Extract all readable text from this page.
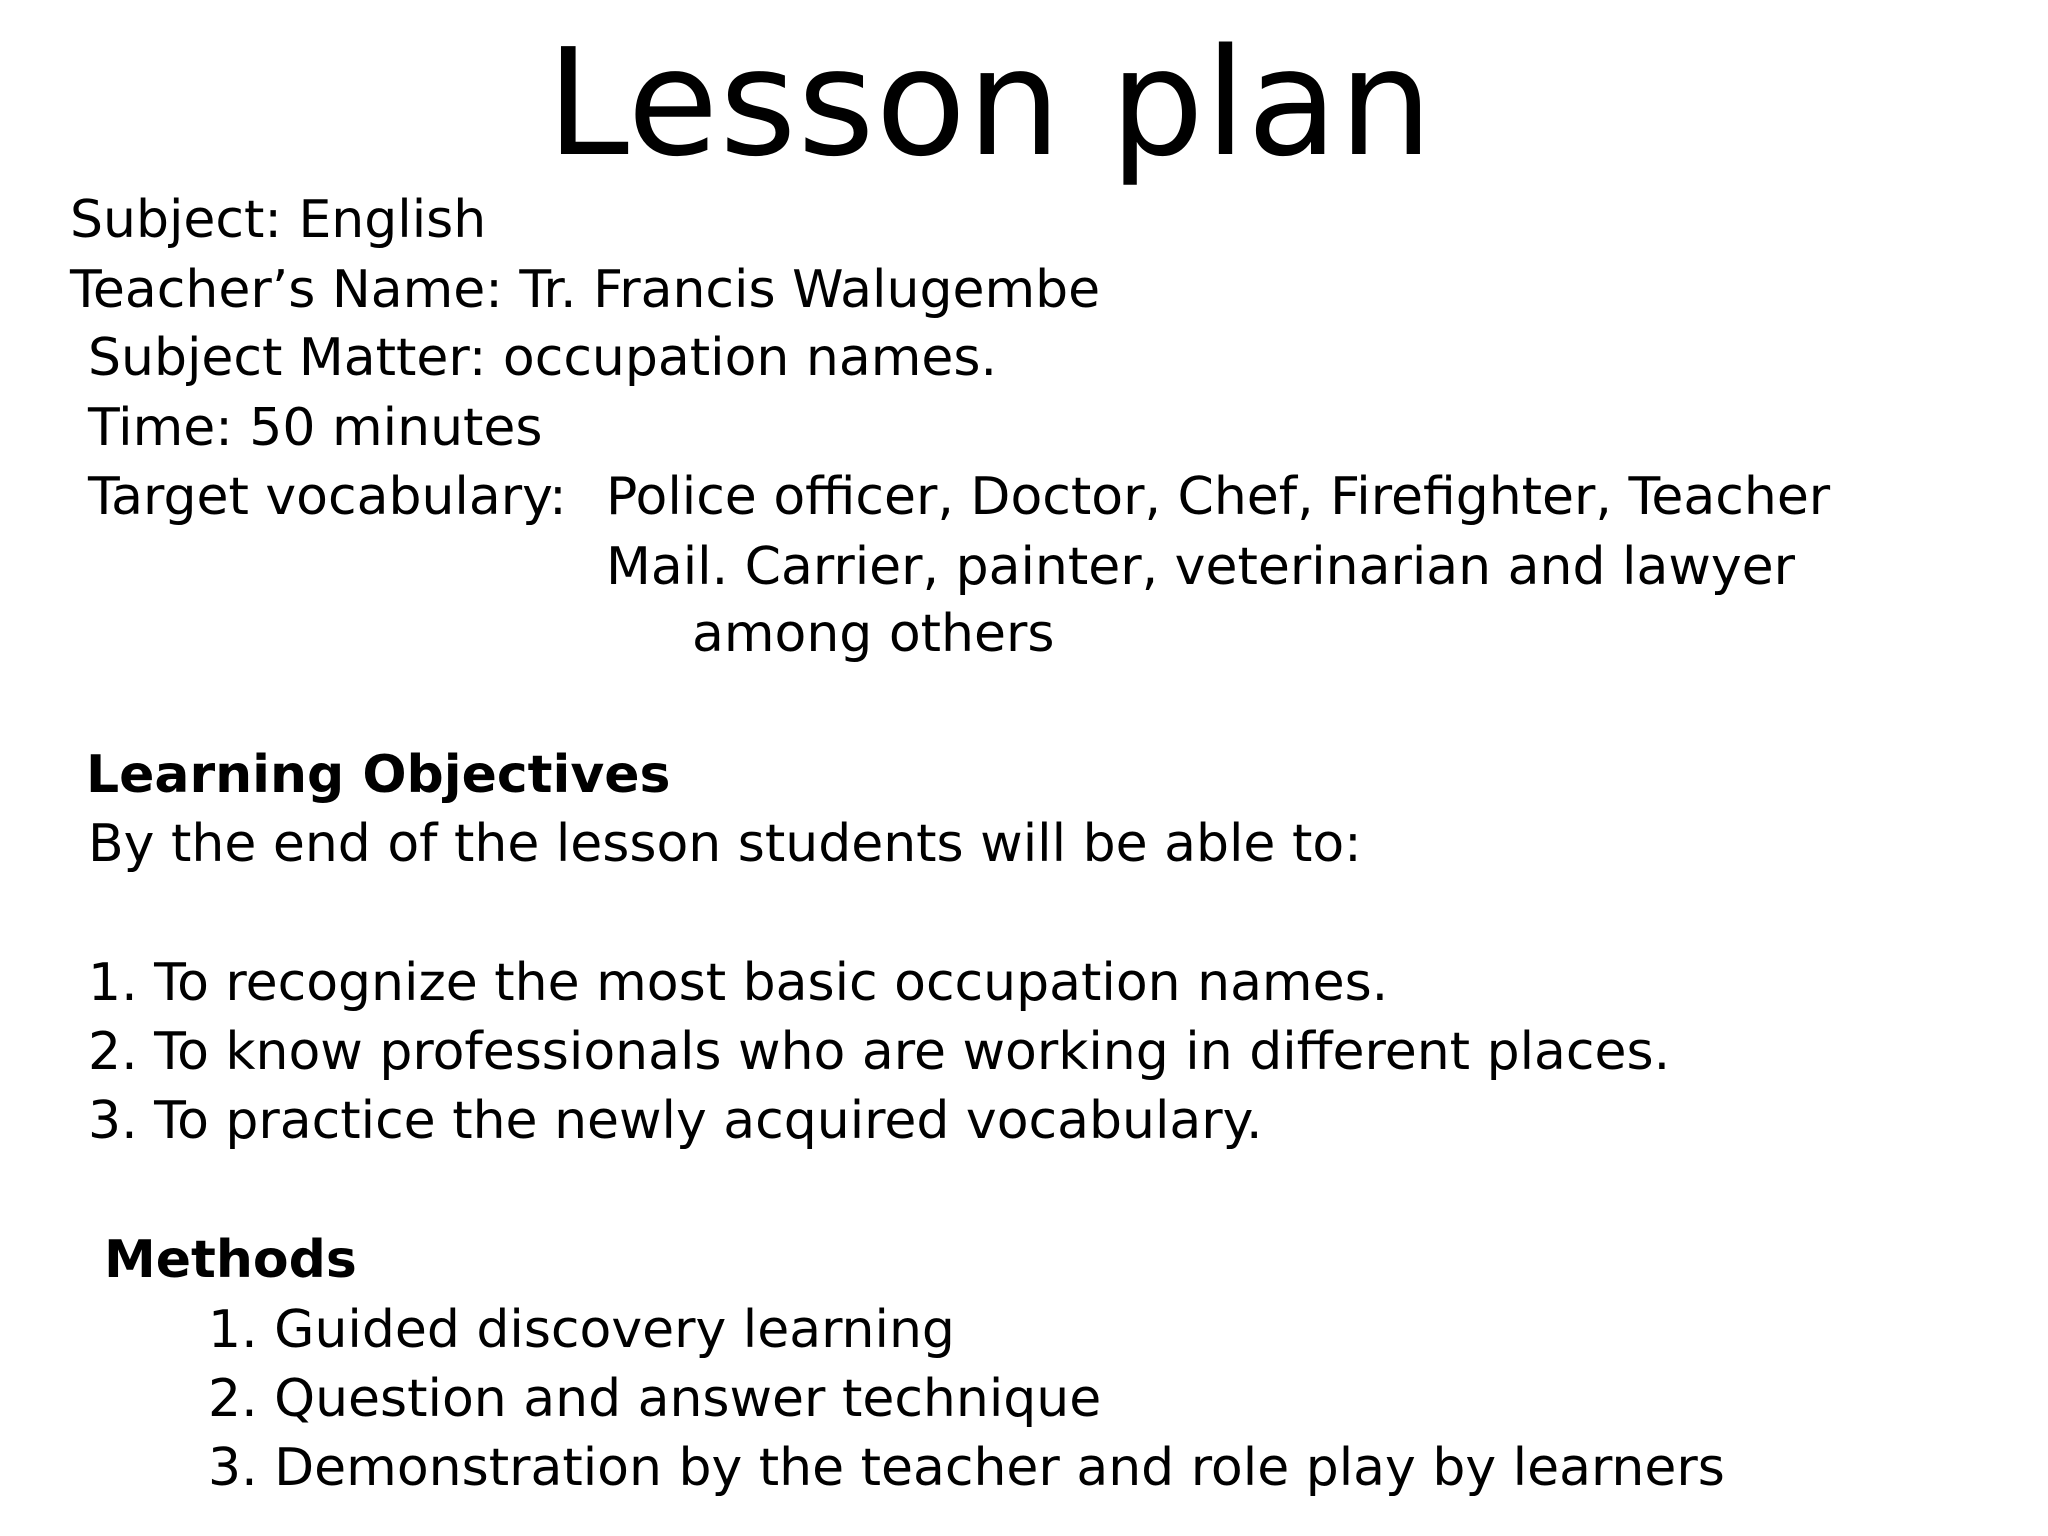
Lesson plan

Subject: English

Teacher’s Name: Tr. Francis Walugembe

Subject Matter: occupation names.

Time: 50 minutes

Target vocabulary: Police officer, Doctor, Chef, Firefighter, Teacher

Mail. Carrier, painter, veterinarian and lawyer

among others

Learning Objectives

By the end of the lesson students will be able to:

1. To recognize the most basic occupation names.

2. To know professionals who are working in different places.

3. To practice the newly acquired vocabulary.

Methods

1. Guided discovery learning

2. Question and answer technique

3. Demonstration by the teacher and role play by learners
